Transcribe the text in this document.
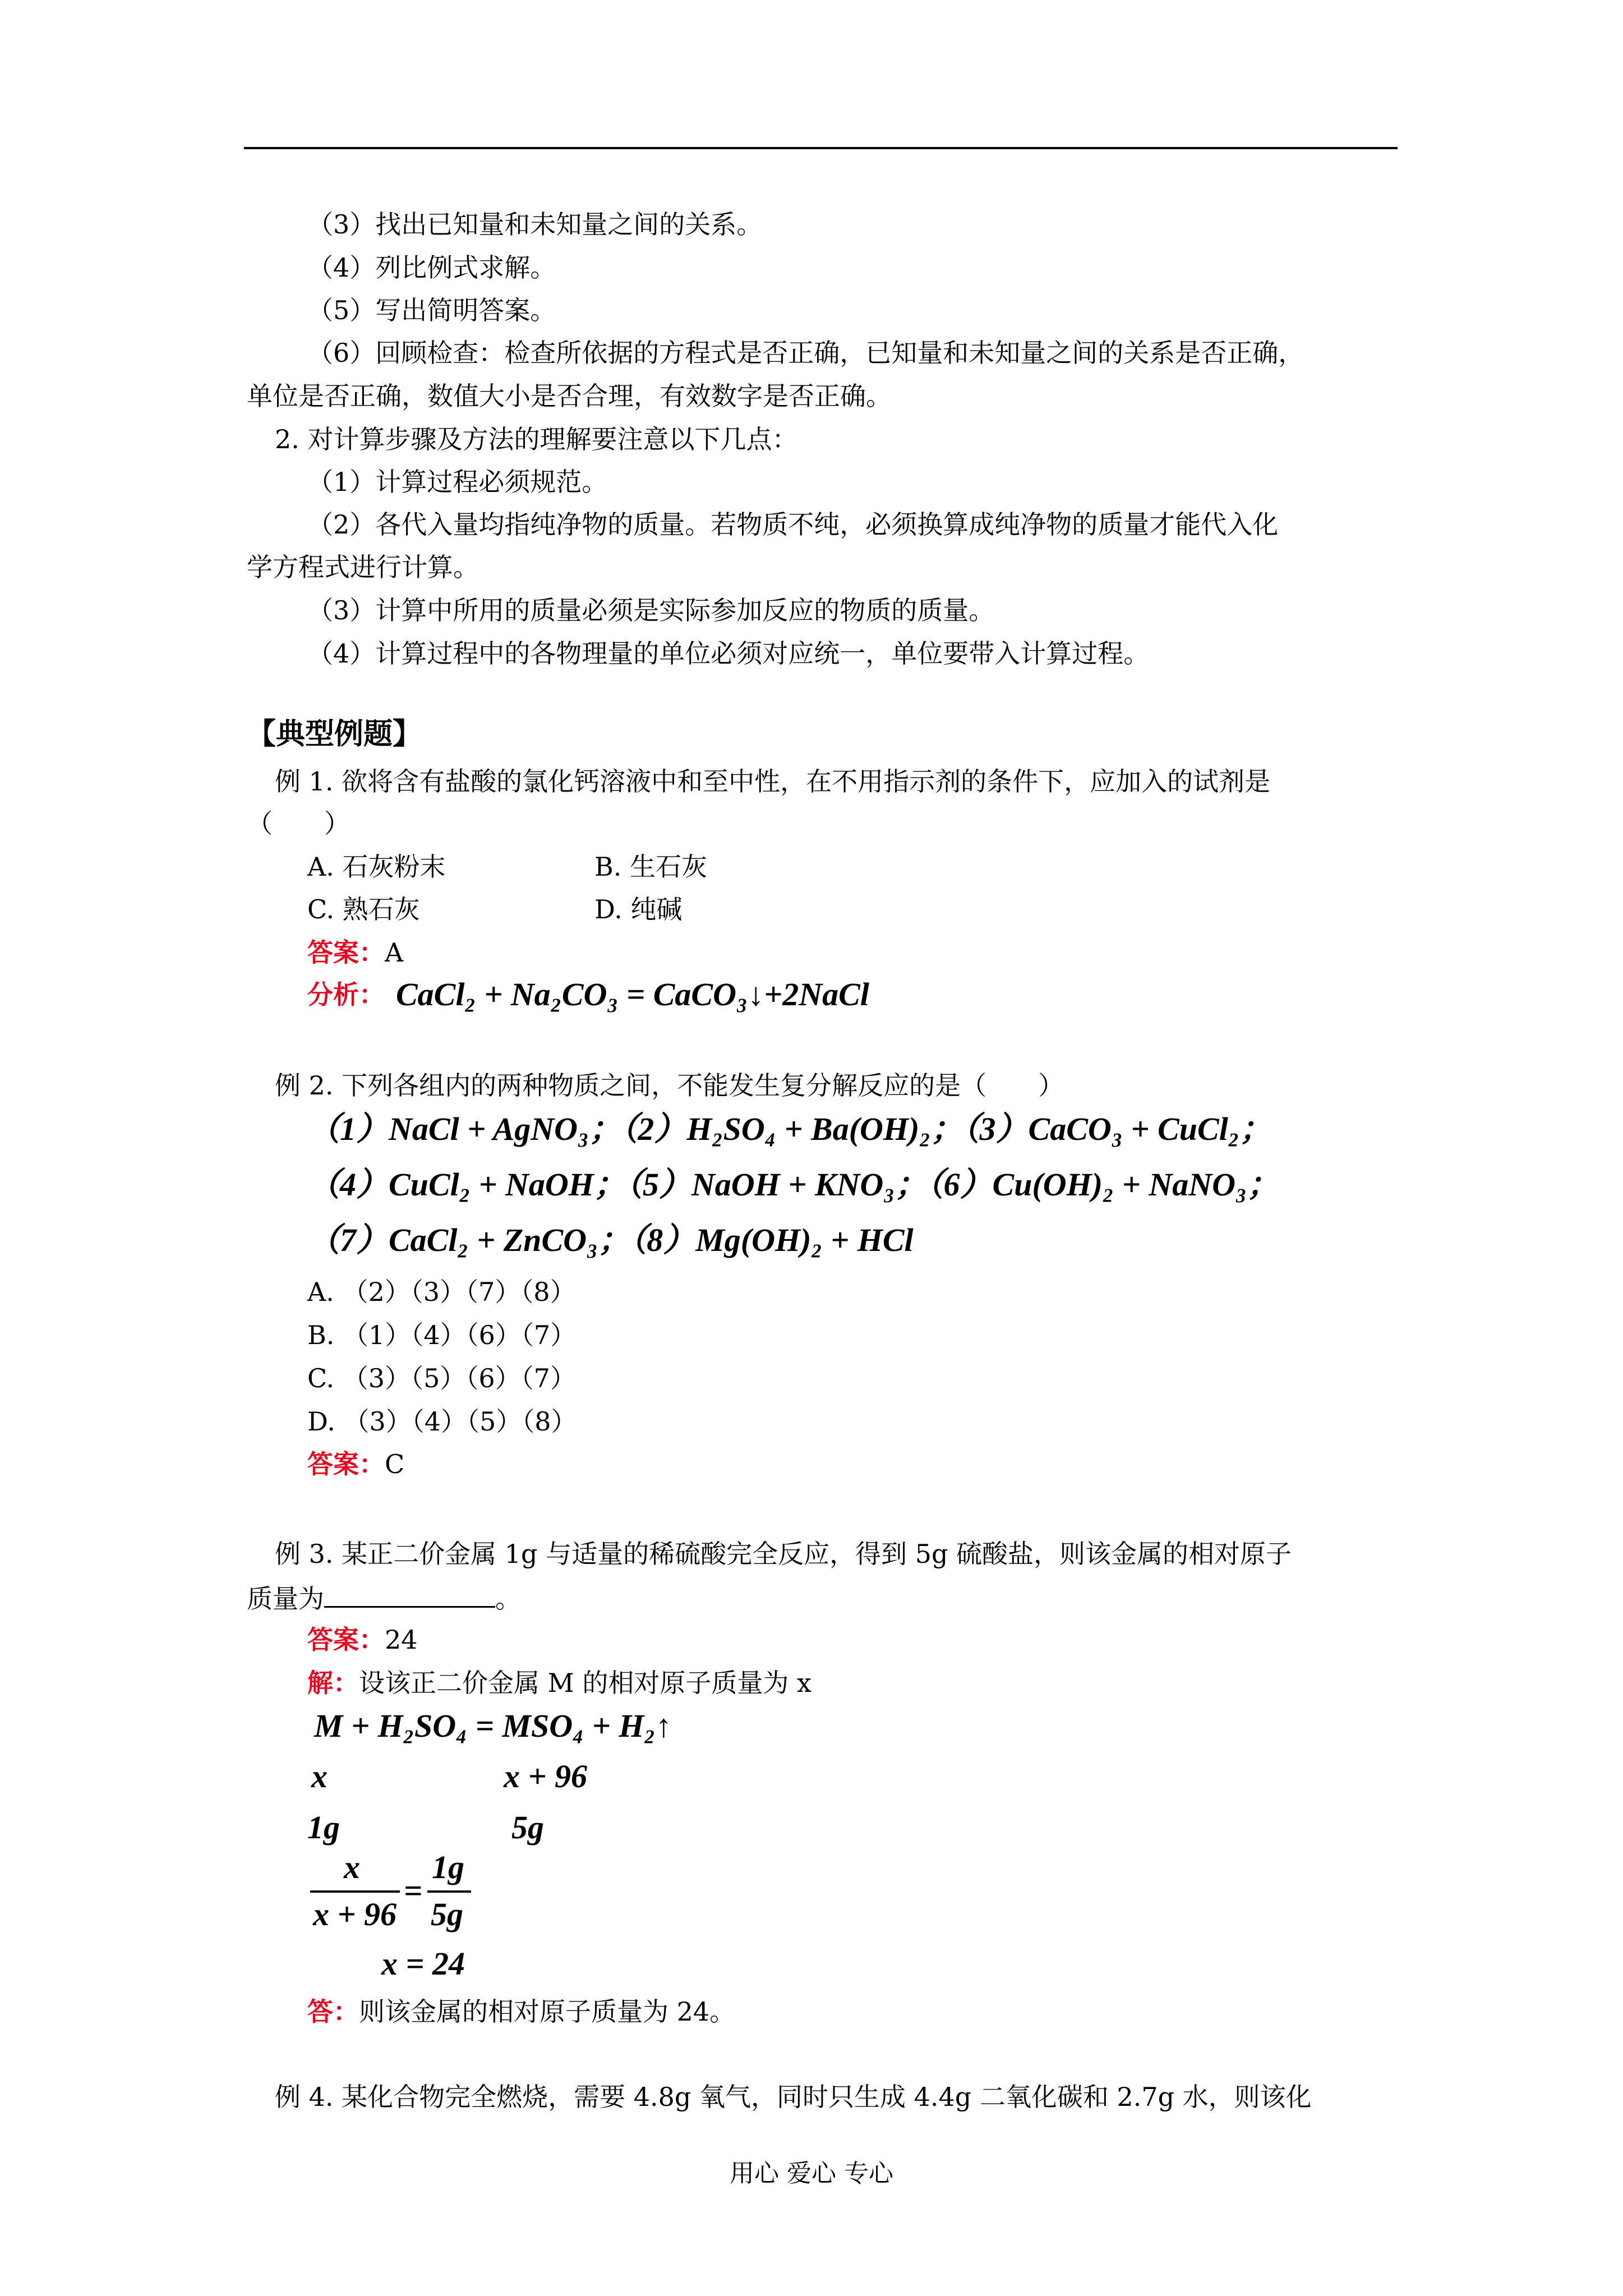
（3）找出已知量和未知量之间的关系。
（4）列比例式求解。
（5）写出简明答案。
（6）回顾检查：检查所依据的方程式是否正确，已知量和未知量之间的关系是否正确，
单位是否正确，数值大小是否合理，有效数字是否正确。
2. 对计算步骤及方法的理解要注意以下几点：
（1）计算过程必须规范。
（2）各代入量均指纯净物的质量。若物质不纯，必须换算成纯净物的质量才能代入化
学方程式进行计算。
（3）计算中所用的质量必须是实际参加反应的物质的质量。
（4）计算过程中的各物理量的单位必须对应统一，单位要带入计算过程。
【典型例题】
例 1. 欲将含有盐酸的氯化钙溶液中和至中性，在不用指示剂的条件下，应加入的试剂是
（　　）
A. 石灰粉末	B. 生石灰
C. 熟石灰	D. 纯碱
答案：A
分析： CaCl₂ + Na₂CO₃ = CaCO₃↓+2NaCl
例 2. 下列各组内的两种物质之间，不能发生复分解反应的是（　　）
（1）NaCl + AgNO₃；（2）H₂SO₄ + Ba(OH)₂；（3）CaCO₃ + CuCl₂；
（4）CuCl₂ + NaOH；（5）NaOH + KNO₃；（6）Cu(OH)₂ + NaNO₃；
（7）CaCl₂ + ZnCO₃；（8）Mg(OH)₂ + HCl
A. （2）（3）（7）（8）
B. （1）（4）（6）（7）
C. （3）（5）（6）（7）
D. （3）（4）（5）（8）
答案：C
例 3. 某正二价金属 1g 与适量的稀硫酸完全反应，得到 5g 硫酸盐，则该金属的相对原子
质量为	。
答案：24
解：设该正二价金属 M 的相对原子质量为 x
M + H₂SO₄ = MSO₄ + H₂↑
x	x + 96
1g	5g
x
x + 96
=
1g
5g
x = 24
答：则该金属的相对原子质量为 24。
例 4. 某化合物完全燃烧，需要 4.8g 氧气，同时只生成 4.4g 二氧化碳和 2.7g 水，则该化
用心 爱心 专心
